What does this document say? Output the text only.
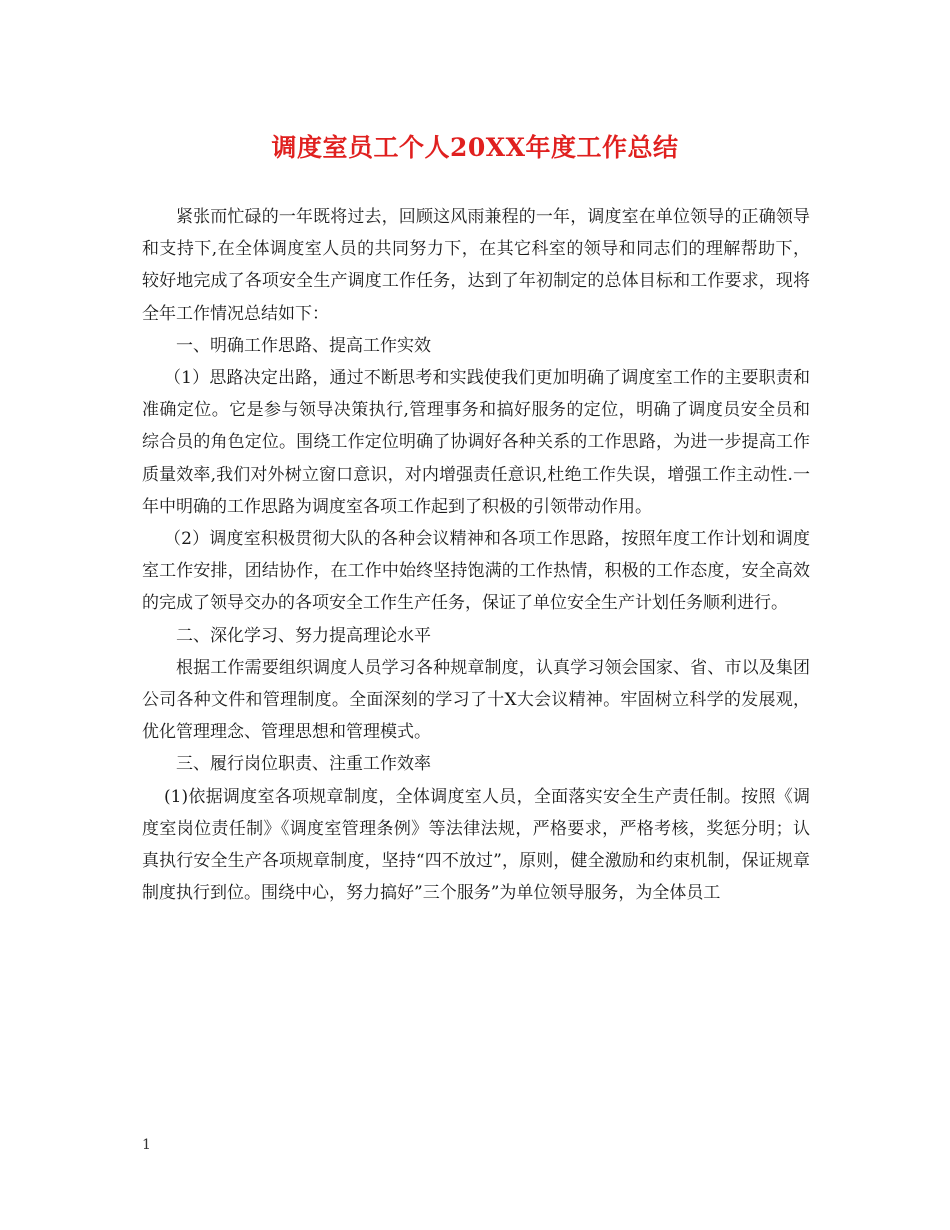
调度室员工个人20XX年度工作总结

紧张而忙碌的一年既将过去，回顾这风雨兼程的一年，调度室在单位领导的正确领导和支持下,在全体调度室人员的共同努力下，在其它科室的领导和同志们的理解帮助下，较好地完成了各项安全生产调度工作任务，达到了年初制定的总体目标和工作要求，现将全年工作情况总结如下：

一、明确工作思路、提高工作实效

（1）思路决定出路，通过不断思考和实践使我们更加明确了调度室工作的主要职责和准确定位。它是参与领导决策执行,管理事务和搞好服务的定位，明确了调度员安全员和综合员的角色定位。围绕工作定位明确了协调好各种关系的工作思路，为进一步提高工作质量效率,我们对外树立窗口意识，对内增强责任意识,杜绝工作失误，增强工作主动性.一年中明确的工作思路为调度室各项工作起到了积极的引领带动作用。

（2）调度室积极贯彻大队的各种会议精神和各项工作思路，按照年度工作计划和调度室工作安排，团结协作，在工作中始终坚持饱满的工作热情，积极的工作态度，安全高效的完成了领导交办的各项安全工作生产任务，保证了单位安全生产计划任务顺利进行。

二、深化学习、努力提高理论水平

根据工作需要组织调度人员学习各种规章制度，认真学习领会国家、省、市以及集团公司各种文件和管理制度。全面深刻的学习了十X大会议精神。牢固树立科学的发展观，优化管理理念、管理思想和管理模式。

三、履行岗位职责、注重工作效率

(1)依据调度室各项规章制度，全体调度室人员，全面落实安全生产责任制。按照《调度室岗位责任制》《调度室管理条例》等法律法规，严格要求，严格考核，奖惩分明；认真执行安全生产各项规章制度，坚持“四不放过”，原则，健全激励和约束机制，保证规章制度执行到位。围绕中心，努力搞好”三个服务”为单位领导服务，为全体员工

1
